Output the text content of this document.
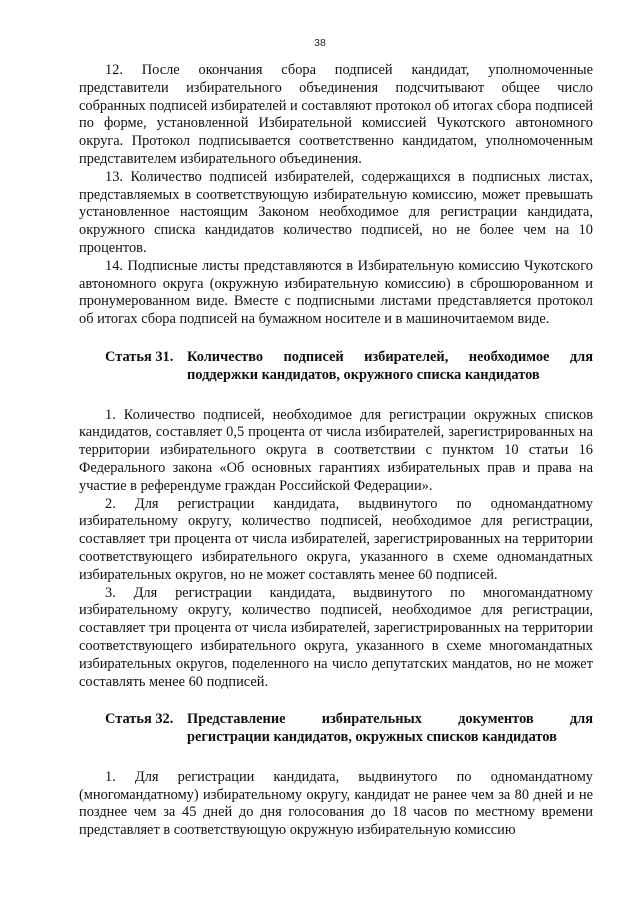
38

12. После окончания сбора подписей кандидат, уполномоченные представители избирательного объединения подсчитывают общее число собранных подписей избирателей и составляют протокол об итогах сбора подписей по форме, установленной Избирательной комиссией Чукотского автономного округа. Протокол подписывается соответственно кандидатом, уполномоченным представителем избирательного объединения.

13. Количество подписей избирателей, содержащихся в подписных листах, представляемых в соответствующую избирательную комиссию, может превышать установленное настоящим Законом необходимое для регистрации кандидата, окружного списка кандидатов количество подписей, но не более чем на 10 процентов.

14. Подписные листы представляются в Избирательную комиссию Чукотского автономного округа (окружную избирательную комиссию) в сброшюрованном и пронумерованном виде. Вместе с подписными листами представляется протокол об итогах сбора подписей на бумажном носителе и в машиночитаемом виде.

Статья 31. Количество подписей избирателей, необходимое для
поддержки кандидатов, окружного списка кандидатов

1. Количество подписей, необходимое для регистрации окружных списков кандидатов, составляет 0,5 процента от числа избирателей, зарегистрированных на территории избирательного округа в соответствии с пунктом 10 статьи 16 Федерального закона «Об основных гарантиях избирательных прав и права на участие в референдуме граждан Российской Федерации».

2. Для регистрации кандидата, выдвинутого по одномандатному избирательному округу, количество подписей, необходимое для регистрации, составляет три процента от числа избирателей, зарегистрированных на территории соответствующего избирательного округа, указанного в схеме одномандатных избирательных округов, но не может составлять менее 60 подписей.

3. Для регистрации кандидата, выдвинутого по многомандатному избирательному округу, количество подписей, необходимое для регистрации, составляет три процента от числа избирателей, зарегистрированных на территории соответствующего избирательного округа, указанного в схеме многомандатных избирательных округов, поделенного на число депутатских мандатов, но не может составлять менее 60 подписей.

Статья 32. Представление избирательных документов для
регистрации кандидатов, окружных списков кандидатов

1. Для регистрации кандидата, выдвинутого по одномандатному (многомандатному) избирательному округу, кандидат не ранее чем за 80 дней и не позднее чем за 45 дней до дня голосования до 18 часов по местному времени представляет в соответствующую окружную избирательную комиссию
